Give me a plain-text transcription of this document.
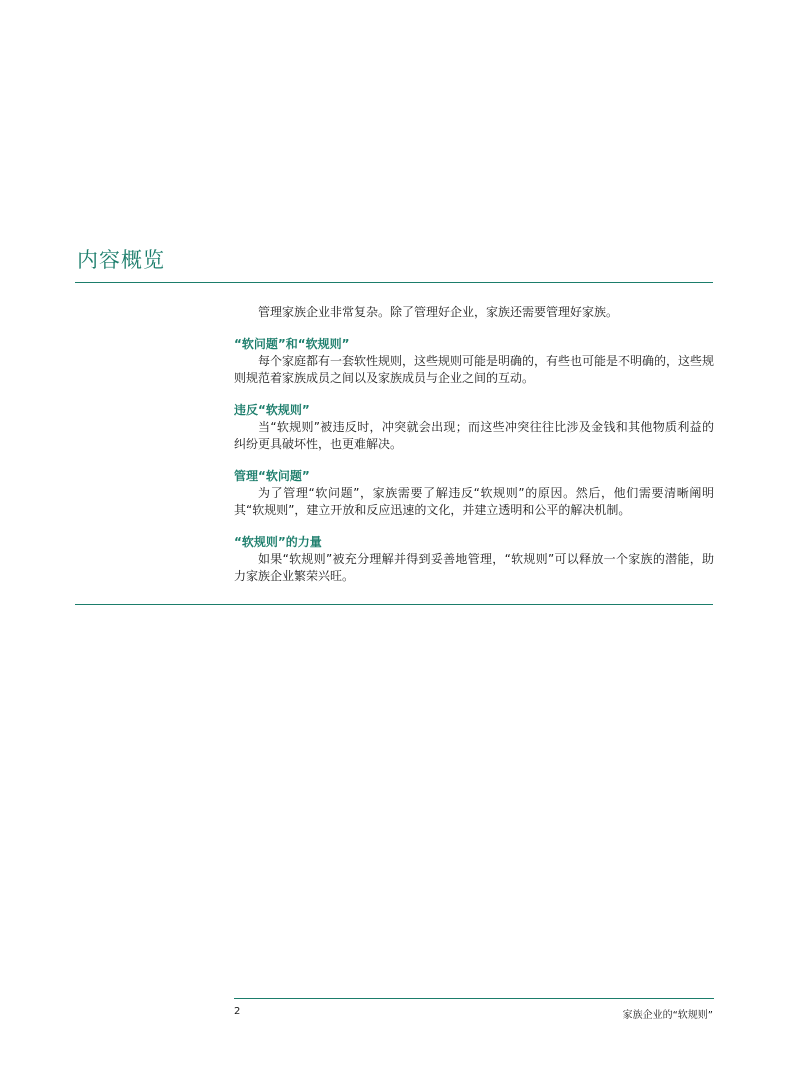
内容概览

管理家族企业非常复杂。除了管理好企业，家族还需要管理好家族。

“软问题”和“软规则”

每个家庭都有一套软性规则，这些规则可能是明确的，有些也可能是不明确的，这些规则规范着家族成员之间以及家族成员与企业之间的互动。

违反“软规则”

当“软规则”被违反时，冲突就会出现；而这些冲突往往比涉及金钱和其他物质利益的纠纷更具破坏性，也更难解决。

管理“软问题”

为了管理“软问题”，家族需要了解违反“软规则”的原因。然后，他们需要清晰阐明其“软规则”，建立开放和反应迅速的文化，并建立透明和公平的解决机制。

“软规则”的力量

如果“软规则”被充分理解并得到妥善地管理，“软规则”可以释放一个家族的潜能，助力家族企业繁荣兴旺。

2	家族企业的“软规则”
